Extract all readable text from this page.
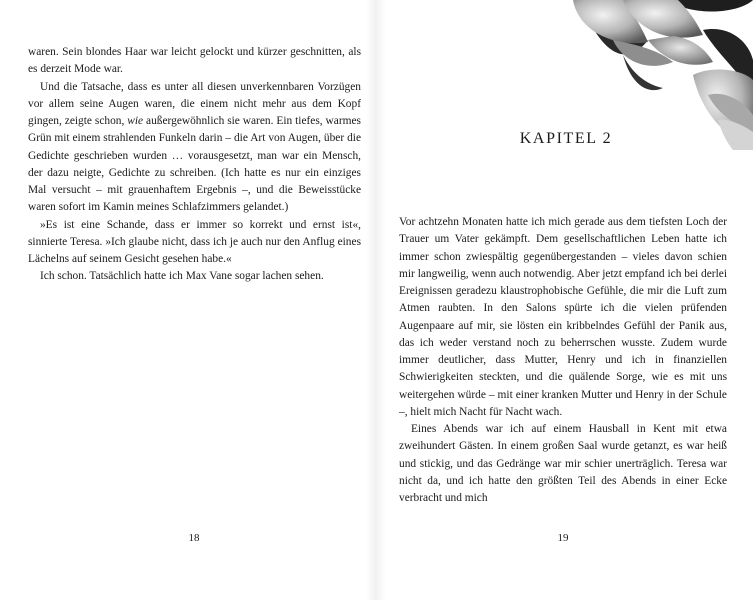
waren. Sein blondes Haar war leicht gelockt und kürzer geschnitten, als es derzeit Mode war.

Und die Tatsache, dass es unter all diesen unverkennbaren Vorzügen vor allem seine Augen waren, die einem nicht mehr aus dem Kopf gingen, zeigte schon, wie außergewöhnlich sie waren. Ein tiefes, warmes Grün mit einem strahlenden Funkeln darin – die Art von Augen, über die Gedichte geschrieben wurden … vorausgesetzt, man war ein Mensch, der dazu neigte, Gedichte zu schreiben. (Ich hatte es nur ein einziges Mal versucht – mit grauenhaftem Ergebnis –, und die Beweisstücke waren sofort im Kamin meines Schlafzimmers gelandet.)

»Es ist eine Schande, dass er immer so korrekt und ernst ist«, sinnierte Teresa. »Ich glaube nicht, dass ich je auch nur den Anflug eines Lächelns auf seinem Gesicht gesehen habe.«

Ich schon. Tatsächlich hatte ich Max Vane sogar lachen sehen.

18
KAPITEL 2

Vor achtzehn Monaten hatte ich mich gerade aus dem tiefsten Loch der Trauer um Vater gekämpft. Dem gesellschaftlichen Leben hatte ich immer schon zwiespältig gegenübergestanden – vieles davon schien mir langweilig, wenn auch notwendig. Aber jetzt empfand ich bei derlei Ereignissen geradezu klaustrophobische Gefühle, die mir die Luft zum Atmen raubten. In den Salons spürte ich die vielen prüfenden Augenpaare auf mir, sie lösten ein kribbelndes Gefühl der Panik aus, das ich weder verstand noch zu beherrschen wusste. Zudem wurde immer deutlicher, dass Mutter, Henry und ich in finanziellen Schwierigkeiten steckten, und die quälende Sorge, wie es mit uns weitergehen würde – mit einer kranken Mutter und Henry in der Schule –, hielt mich Nacht für Nacht wach.

Eines Abends war ich auf einem Hausball in Kent mit etwa zweihundert Gästen. In einem großen Saal wurde getanzt, es war heiß und stickig, und das Gedränge war mir schier unerträglich. Teresa war nicht da, und ich hatte den größten Teil des Abends in einer Ecke verbracht und mich

19
